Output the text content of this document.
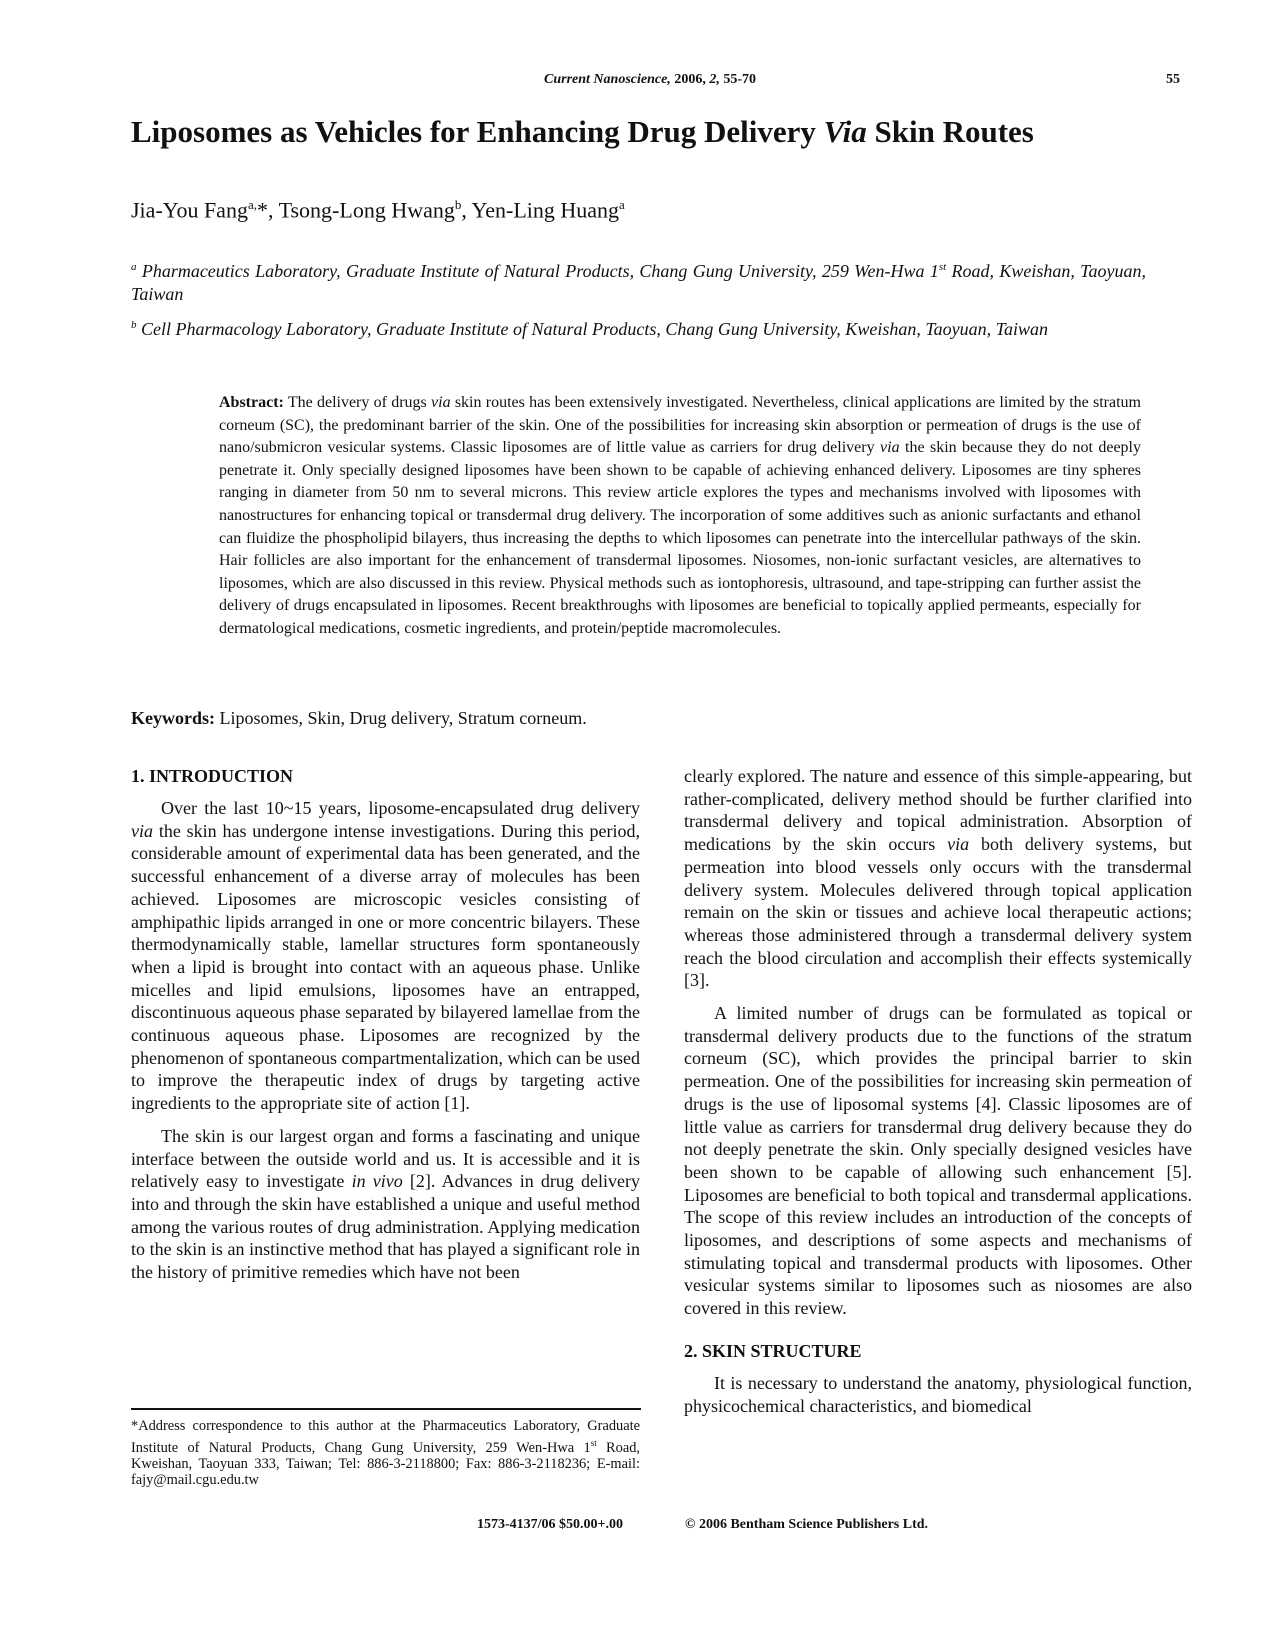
Current Nanoscience, 2006, 2, 55-70	55
Liposomes as Vehicles for Enhancing Drug Delivery Via Skin Routes
Jia-You Fang$^{a,}$*, Tsong-Long Hwang$^b$, Yen-Ling Huang$^a$
$^a$ Pharmaceutics Laboratory, Graduate Institute of Natural Products, Chang Gung University, 259 Wen-Hwa 1st Road, Kweishan, Taoyuan, Taiwan
$^b$ Cell Pharmacology Laboratory, Graduate Institute of Natural Products, Chang Gung University, Kweishan, Taoyuan, Taiwan
Abstract: The delivery of drugs via skin routes has been extensively investigated. Nevertheless, clinical applications are limited by the stratum corneum (SC), the predominant barrier of the skin. One of the possibilities for increasing skin absorption or permeation of drugs is the use of nano/submicron vesicular systems. Classic liposomes are of little value as carriers for drug delivery via the skin because they do not deeply penetrate it. Only specially designed liposomes have been shown to be capable of achieving enhanced delivery. Liposomes are tiny spheres ranging in diameter from 50 nm to several microns. This review article explores the types and mechanisms involved with liposomes with nanostructures for enhancing topical or transdermal drug delivery. The incorporation of some additives such as anionic surfactants and ethanol can fluidize the phospholipid bilayers, thus increasing the depths to which liposomes can penetrate into the intercellular pathways of the skin. Hair follicles are also important for the enhancement of transdermal liposomes. Niosomes, non-ionic surfactant vesicles, are alternatives to liposomes, which are also discussed in this review. Physical methods such as iontophoresis, ultrasound, and tape-stripping can further assist the delivery of drugs encapsulated in liposomes. Recent breakthroughs with liposomes are beneficial to topically applied permeants, especially for dermatological medications, cosmetic ingredients, and protein/peptide macromolecules.
Keywords: Liposomes, Skin, Drug delivery, Stratum corneum.
1. INTRODUCTION

Over the last 10~15 years, liposome-encapsulated drug delivery via the skin has undergone intense investigations. During this period, considerable amount of experimental data has been generated, and the successful enhancement of a diverse array of molecules has been achieved. Liposomes are microscopic vesicles consisting of amphipathic lipids arranged in one or more concentric bilayers. These thermodynamically stable, lamellar structures form spontaneously when a lipid is brought into contact with an aqueous phase. Unlike micelles and lipid emulsions, liposomes have an entrapped, discontinuous aqueous phase separated by bilayered lamellae from the continuous aqueous phase. Liposomes are recognized by the phenomenon of spontaneous compartmentalization, which can be used to improve the therapeutic index of drugs by targeting active ingredients to the appropriate site of action [1].

The skin is our largest organ and forms a fascinating and unique interface between the outside world and us. It is accessible and it is relatively easy to investigate in vivo [2]. Advances in drug delivery into and through the skin have established a unique and useful method among the various routes of drug administration. Applying medication to the skin is an instinctive method that has played a significant role in the history of primitive remedies which have not been

clearly explored. The nature and essence of this simple-appearing, but rather-complicated, delivery method should be further clarified into transdermal delivery and topical administration. Absorption of medications by the skin occurs via both delivery systems, but permeation into blood vessels only occurs with the transdermal delivery system. Molecules delivered through topical application remain on the skin or tissues and achieve local therapeutic actions; whereas those administered through a transdermal delivery system reach the blood circulation and accomplish their effects systemically [3].

A limited number of drugs can be formulated as topical or transdermal delivery products due to the functions of the stratum corneum (SC), which provides the principal barrier to skin permeation. One of the possibilities for increasing skin permeation of drugs is the use of liposomal systems [4]. Classic liposomes are of little value as carriers for transdermal drug delivery because they do not deeply penetrate the skin. Only specially designed vesicles have been shown to be capable of allowing such enhancement [5]. Liposomes are beneficial to both topical and transdermal applications. The scope of this review includes an introduction of the concepts of liposomes, and descriptions of some aspects and mechanisms of stimulating topical and transdermal products with liposomes. Other vesicular systems similar to liposomes such as niosomes are also covered in this review.

2. SKIN STRUCTURE

It is necessary to understand the anatomy, physiological function, physicochemical characteristics, and biomedical

*Address correspondence to this author at the Pharmaceutics Laboratory, Graduate Institute of Natural Products, Chang Gung University, 259 Wen-Hwa 1st Road, Kweishan, Taoyuan 333, Taiwan; Tel: 886-3-2118800; Fax: 886-3-2118236; E-mail: fajy@mail.cgu.edu.tw
1573-4137/06 $50.00+.00	© 2006 Bentham Science Publishers Ltd.
